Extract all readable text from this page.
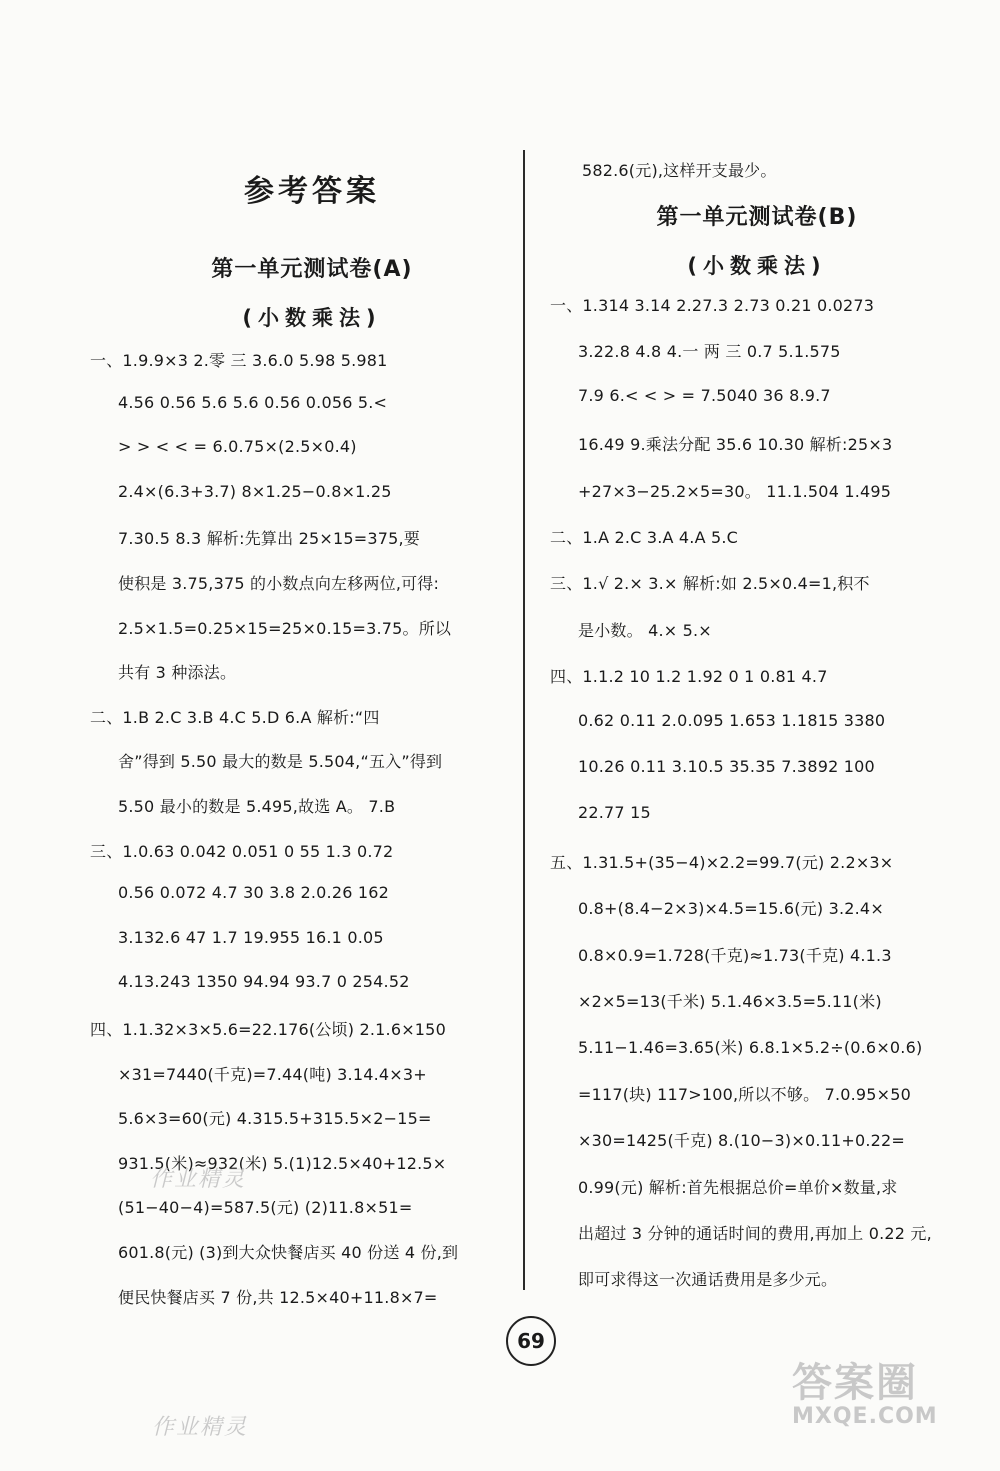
参考答案
第一单元测试卷(A)
(小数乘法)
一、1.9.9×3 2.零 三 3.6.0 5.98 5.981
4.56 0.56 5.6 5.6 0.56 0.056 5.<
> > < < = 6.0.75×(2.5×0.4)
2.4×(6.3+3.7) 8×1.25−0.8×1.25
7.30.5 8.3 解析:先算出 25×15=375,要
使积是 3.75,375 的小数点向左移两位,可得:
2.5×1.5=0.25×15=25×0.15=3.75。所以
共有 3 种添法。
二、1.B 2.C 3.B 4.C 5.D 6.A 解析:“四
舍”得到 5.50 最大的数是 5.504,“五入”得到
5.50 最小的数是 5.495,故选 A。 7.B
三、1.0.63 0.042 0.051 0 55 1.3 0.72
0.56 0.072 4.7 30 3.8 2.0.26 162
3.132.6 47 1.7 19.955 16.1 0.05
4.13.243 1350 94.94 93.7 0 254.52
四、1.1.32×3×5.6=22.176(公顷) 2.1.6×150
×31=7440(千克)=7.44(吨) 3.14.4×3+
5.6×3=60(元) 4.315.5+315.5×2−15=
931.5(米)≈932(米) 5.(1)12.5×40+12.5×
(51−40−4)=587.5(元) (2)11.8×51=
601.8(元) (3)到大众快餐店买 40 份送 4 份,到
便民快餐店买 7 份,共 12.5×40+11.8×7=
582.6(元),这样开支最少。
第一单元测试卷(B)
(小数乘法)
一、1.314 3.14 2.27.3 2.73 0.21 0.0273
3.22.8 4.8 4.一 两 三 0.7 5.1.575
7.9 6.< < > = 7.5040 36 8.9.7
16.49 9.乘法分配 35.6 10.30 解析:25×3
+27×3−25.2×5=30。 11.1.504 1.495
二、1.A 2.C 3.A 4.A 5.C
三、1.√ 2.× 3.× 解析:如 2.5×0.4=1,积不
是小数。 4.× 5.×
四、1.1.2 10 1.2 1.92 0 1 0.81 4.7
0.62 0.11 2.0.095 1.653 1.1815 3380
10.26 0.11 3.10.5 35.35 7.3892 100
22.77 15
五、1.31.5+(35−4)×2.2=99.7(元) 2.2×3×
0.8+(8.4−2×3)×4.5=15.6(元) 3.2.4×
0.8×0.9=1.728(千克)≈1.73(千克) 4.1.3
×2×5=13(千米) 5.1.46×3.5=5.11(米)
5.11−1.46=3.65(米) 6.8.1×5.2÷(0.6×0.6)
=117(块) 117>100,所以不够。 7.0.95×50
×30=1425(千克) 8.(10−3)×0.11+0.22=
0.99(元) 解析:首先根据总价=单价×数量,求
出超过 3 分钟的通话时间的费用,再加上 0.22 元,
即可求得这一次通话费用是多少元。
69
作业精灵
作业精灵
答案圈
MXQE.COM
